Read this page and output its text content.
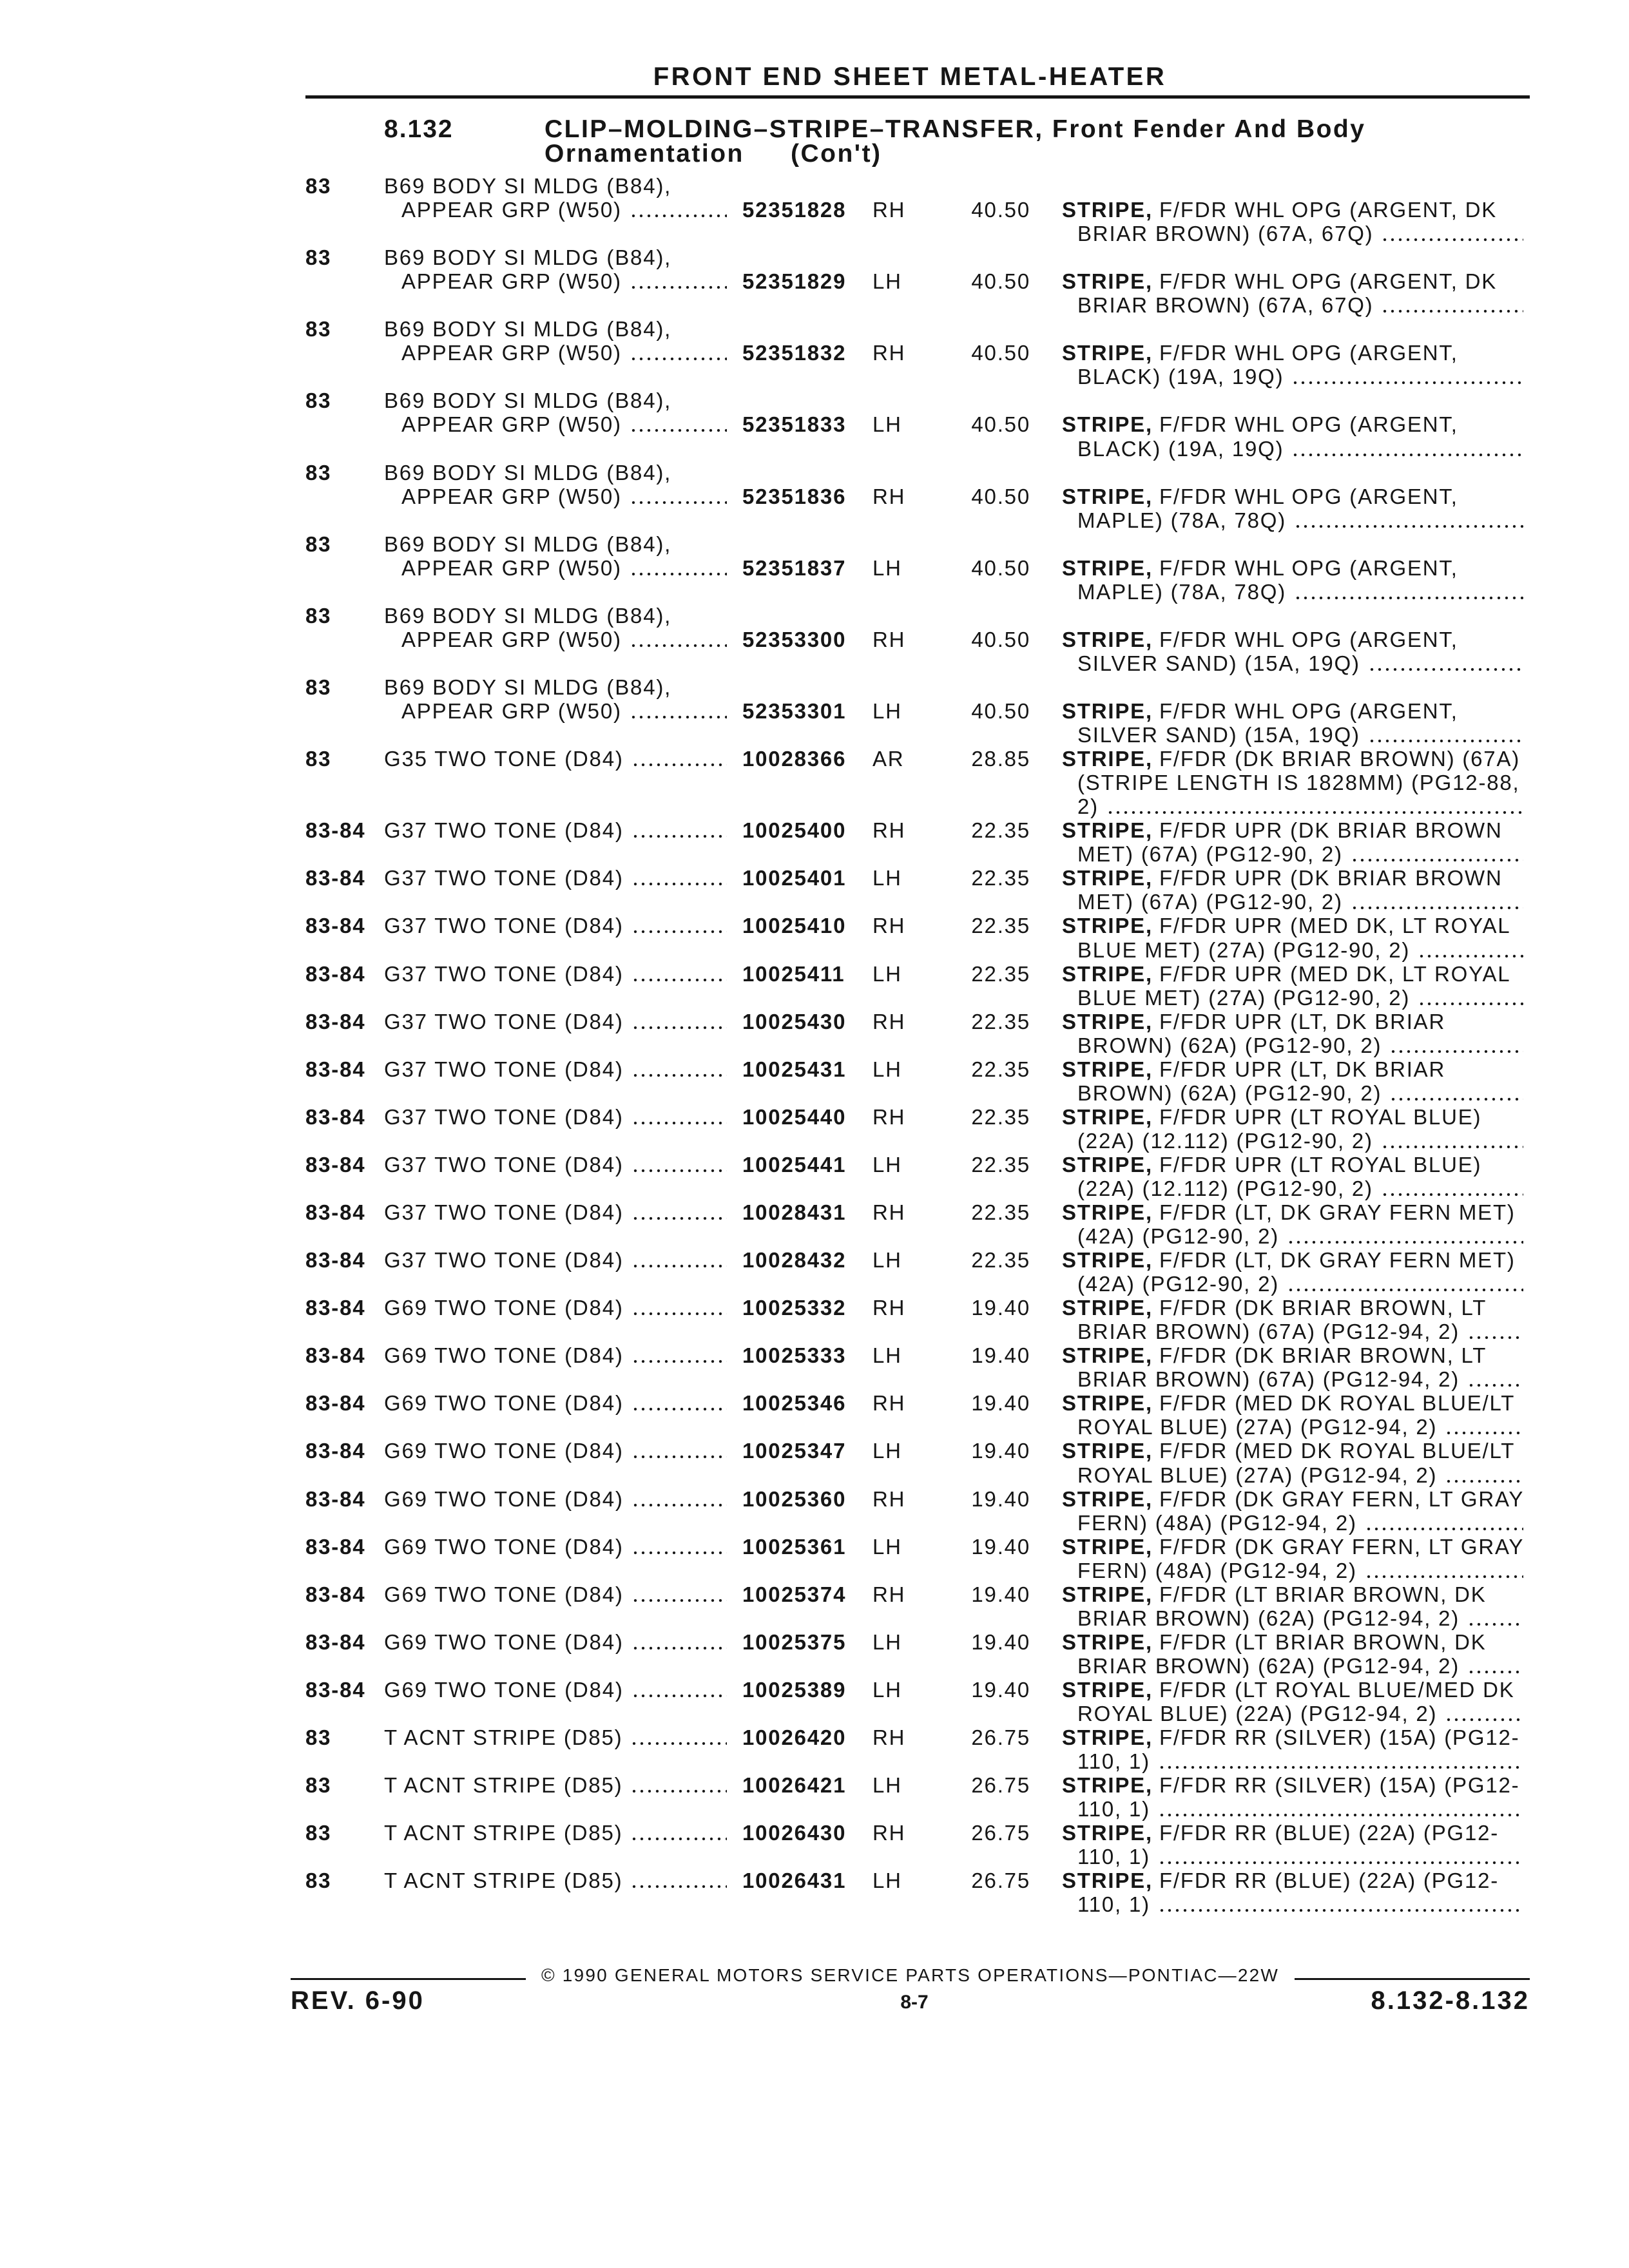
FRONT END SHEET METAL-HEATER
8.132	CLIP–MOLDING–STRIPE–TRANSFER, Front Fender And Body
Ornamentation (Con't)
83	B69 BODY SI MLDG (B84),
APPEAR GRP (W50)	52351828	RH	40.50 STRIPE, F/FDR WHL OPG (ARGENT, DK
BRIAR BROWN) (67A, 67Q)
83	B69 BODY SI MLDG (B84),
APPEAR GRP (W50)	52351829	LH	40.50 STRIPE, F/FDR WHL OPG (ARGENT, DK
BRIAR BROWN) (67A, 67Q)
83	B69 BODY SI MLDG (B84),
APPEAR GRP (W50)	52351832	RH	40.50 STRIPE, F/FDR WHL OPG (ARGENT,
BLACK) (19A, 19Q)
83	B69 BODY SI MLDG (B84),
APPEAR GRP (W50)	52351833	LH	40.50 STRIPE, F/FDR WHL OPG (ARGENT,
BLACK) (19A, 19Q)
83	B69 BODY SI MLDG (B84),
APPEAR GRP (W50)	52351836	RH	40.50 STRIPE, F/FDR WHL OPG (ARGENT,
MAPLE) (78A, 78Q)
83	B69 BODY SI MLDG (B84),
APPEAR GRP (W50)	52351837	LH	40.50 STRIPE, F/FDR WHL OPG (ARGENT,
MAPLE) (78A, 78Q)
83	B69 BODY SI MLDG (B84),
APPEAR GRP (W50)	52353300	RH	40.50 STRIPE, F/FDR WHL OPG (ARGENT,
SILVER SAND) (15A, 19Q)
83	B69 BODY SI MLDG (B84),
APPEAR GRP (W50)	52353301	LH	40.50 STRIPE, F/FDR WHL OPG (ARGENT,
SILVER SAND) (15A, 19Q)
83	G35 TWO TONE (D84)	10028366	AR	28.85 STRIPE, F/FDR (DK BRIAR BROWN) (67A)
(STRIPE LENGTH IS 1828MM) (PG12-88,
2)
83-84 G37 TWO TONE (D84)	10025400	RH	22.35 STRIPE, F/FDR UPR (DK BRIAR BROWN
MET) (67A) (PG12-90, 2)
83-84 G37 TWO TONE (D84)	10025401	LH	22.35 STRIPE, F/FDR UPR (DK BRIAR BROWN
MET) (67A) (PG12-90, 2)
83-84 G37 TWO TONE (D84)	10025410	RH	22.35 STRIPE, F/FDR UPR (MED DK, LT ROYAL
BLUE MET) (27A) (PG12-90, 2)
83-84 G37 TWO TONE (D84)	10025411	LH	22.35 STRIPE, F/FDR UPR (MED DK, LT ROYAL
BLUE MET) (27A) (PG12-90, 2)
83-84 G37 TWO TONE (D84)	10025430	RH	22.35 STRIPE, F/FDR UPR (LT, DK BRIAR
BROWN) (62A) (PG12-90, 2)
83-84 G37 TWO TONE (D84)	10025431	LH	22.35 STRIPE, F/FDR UPR (LT, DK BRIAR
BROWN) (62A) (PG12-90, 2)
83-84 G37 TWO TONE (D84)	10025440	RH	22.35 STRIPE, F/FDR UPR (LT ROYAL BLUE)
(22A) (12.112) (PG12-90, 2)
83-84 G37 TWO TONE (D84)	10025441	LH	22.35 STRIPE, F/FDR UPR (LT ROYAL BLUE)
(22A) (12.112) (PG12-90, 2)
83-84 G37 TWO TONE (D84)	10028431	RH	22.35 STRIPE, F/FDR (LT, DK GRAY FERN MET)
(42A) (PG12-90, 2)
83-84 G37 TWO TONE (D84)	10028432	LH	22.35 STRIPE, F/FDR (LT, DK GRAY FERN MET)
(42A) (PG12-90, 2)
83-84 G69 TWO TONE (D84)	10025332	RH	19.40 STRIPE, F/FDR (DK BRIAR BROWN, LT
BRIAR BROWN) (67A) (PG12-94, 2)
83-84 G69 TWO TONE (D84)	10025333	LH	19.40 STRIPE, F/FDR (DK BRIAR BROWN, LT
BRIAR BROWN) (67A) (PG12-94, 2)
83-84 G69 TWO TONE (D84)	10025346	RH	19.40 STRIPE, F/FDR (MED DK ROYAL BLUE/LT
ROYAL BLUE) (27A) (PG12-94, 2)
83-84 G69 TWO TONE (D84)	10025347	LH	19.40 STRIPE, F/FDR (MED DK ROYAL BLUE/LT
ROYAL BLUE) (27A) (PG12-94, 2)
83-84 G69 TWO TONE (D84)	10025360	RH	19.40 STRIPE, F/FDR (DK GRAY FERN, LT GRAY
FERN) (48A) (PG12-94, 2)
83-84 G69 TWO TONE (D84)	10025361	LH	19.40 STRIPE, F/FDR (DK GRAY FERN, LT GRAY
FERN) (48A) (PG12-94, 2)
83-84 G69 TWO TONE (D84)	10025374	RH	19.40 STRIPE, F/FDR (LT BRIAR BROWN, DK
BRIAR BROWN) (62A) (PG12-94, 2)
83-84 G69 TWO TONE (D84)	10025375	LH	19.40 STRIPE, F/FDR (LT BRIAR BROWN, DK
BRIAR BROWN) (62A) (PG12-94, 2)
83-84 G69 TWO TONE (D84)	10025389	LH	19.40 STRIPE, F/FDR (LT ROYAL BLUE/MED DK
ROYAL BLUE) (22A) (PG12-94, 2)
83	T ACNT STRIPE (D85)	10026420	RH	26.75 STRIPE, F/FDR RR (SILVER) (15A) (PG12-
110, 1)
83	T ACNT STRIPE (D85)	10026421	LH	26.75 STRIPE, F/FDR RR (SILVER) (15A) (PG12-
110, 1)
83	T ACNT STRIPE (D85)	10026430	RH	26.75 STRIPE, F/FDR RR (BLUE) (22A) (PG12-
110, 1)
83	T ACNT STRIPE (D85)	10026431	LH	26.75 STRIPE, F/FDR RR (BLUE) (22A) (PG12-
110, 1)
© 1990 GENERAL MOTORS SERVICE PARTS OPERATIONS—PONTIAC—22W
REV. 6-90	8-7	8.132-8.132
